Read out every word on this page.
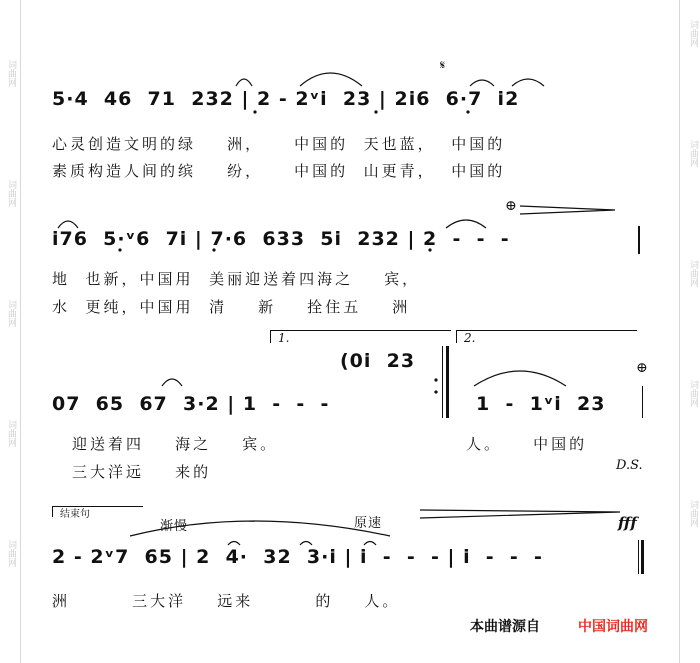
词曲网
词曲网
词曲网
词曲网
词曲网
词曲网
词曲网
词曲网
词曲网
词曲网
𝄋
5·4  46  71  232 | 2 - 2ᵛi  23 | 2i6  6·7  i2
心灵创造文明的绿    洲，    中国的  天也蓝，  中国的
素质构造人间的缤    纷，    中国的  山更青，  中国的
⊕
i76  5·ᵛ6  7i | 7·6  633  5i  232 | 2  -  -  -
地  也新，中国用  美丽迎送着四海之    宾，
水  更纯，中国用  清    新    拴住五    洲
1.	2.
(0i  23	⊕
07  65  67  3·2 | 1  -  -  -	1  -  1ᵛi  23
迎送着四    海之    宾。	人。    中国的
三大洋远    来的	D.S.
结束句
渐慢	原速	fff
2 - 2ᵛ7  65 | 2  4·  32  3·i | i  -  -  - | i  -  -  -
洲        三大洋    远来        的    人。
本曲谱源自	中国词曲网
